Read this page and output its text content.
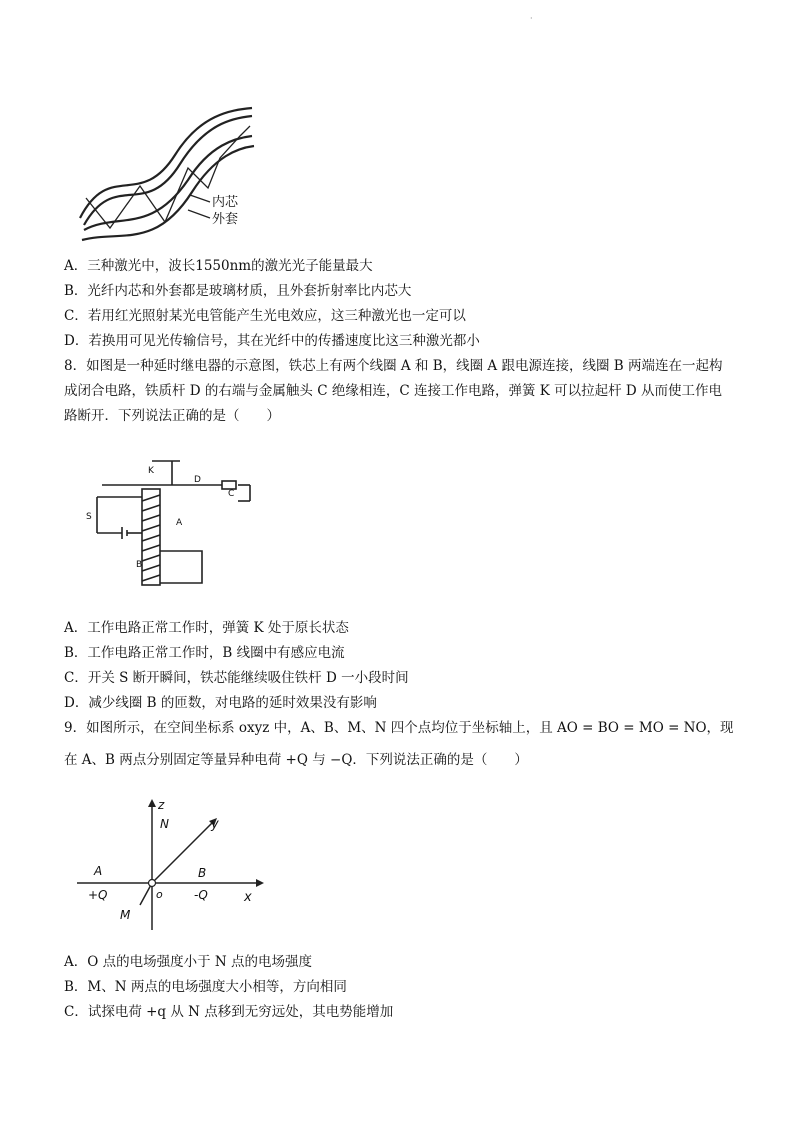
·
内芯
外套
A．三种激光中，波长1550nm的激光光子能量最大
B．光纤内芯和外套都是玻璃材质，且外套折射率比内芯大
C．若用红光照射某光电管能产生光电效应，这三种激光也一定可以
D．若换用可见光传输信号，其在光纤中的传播速度比这三种激光都小
8．如图是一种延时继电器的示意图，铁芯上有两个线圈 A 和 B，线圈 A 跟电源连接，线圈 B 两端连在一起构
成闭合电路，铁质杆 D 的右端与金属触头 C 绝缘相连，C 连接工作电路，弹簧 K 可以拉起杆 D 从而使工作电
路断开．下列说法正确的是（　　）
K
D
C
A
B
S
A．工作电路正常工作时，弹簧 K 处于原长状态
B．工作电路正常工作时，B 线圈中有感应电流
C．开关 S 断开瞬间，铁芯能继续吸住铁杆 D 一小段时间
D．减少线圈 B 的匝数，对电路的延时效果没有影响
9．如图所示，在空间坐标系 oxyz 中，A、B、M、N 四个点均位于坐标轴上，且 AO = BO = MO = NO，现
在 A、B 两点分别固定等量异种电荷 +Q 与 −Q．下列说法正确的是（　　）
z
N	y
A	B
o
+Q	-Q	x
M
A．O 点的电场强度小于 N 点的电场强度
B．M、N 两点的电场强度大小相等，方向相同
C．试探电荷 +q 从 N 点移到无穷远处，其电势能增加
